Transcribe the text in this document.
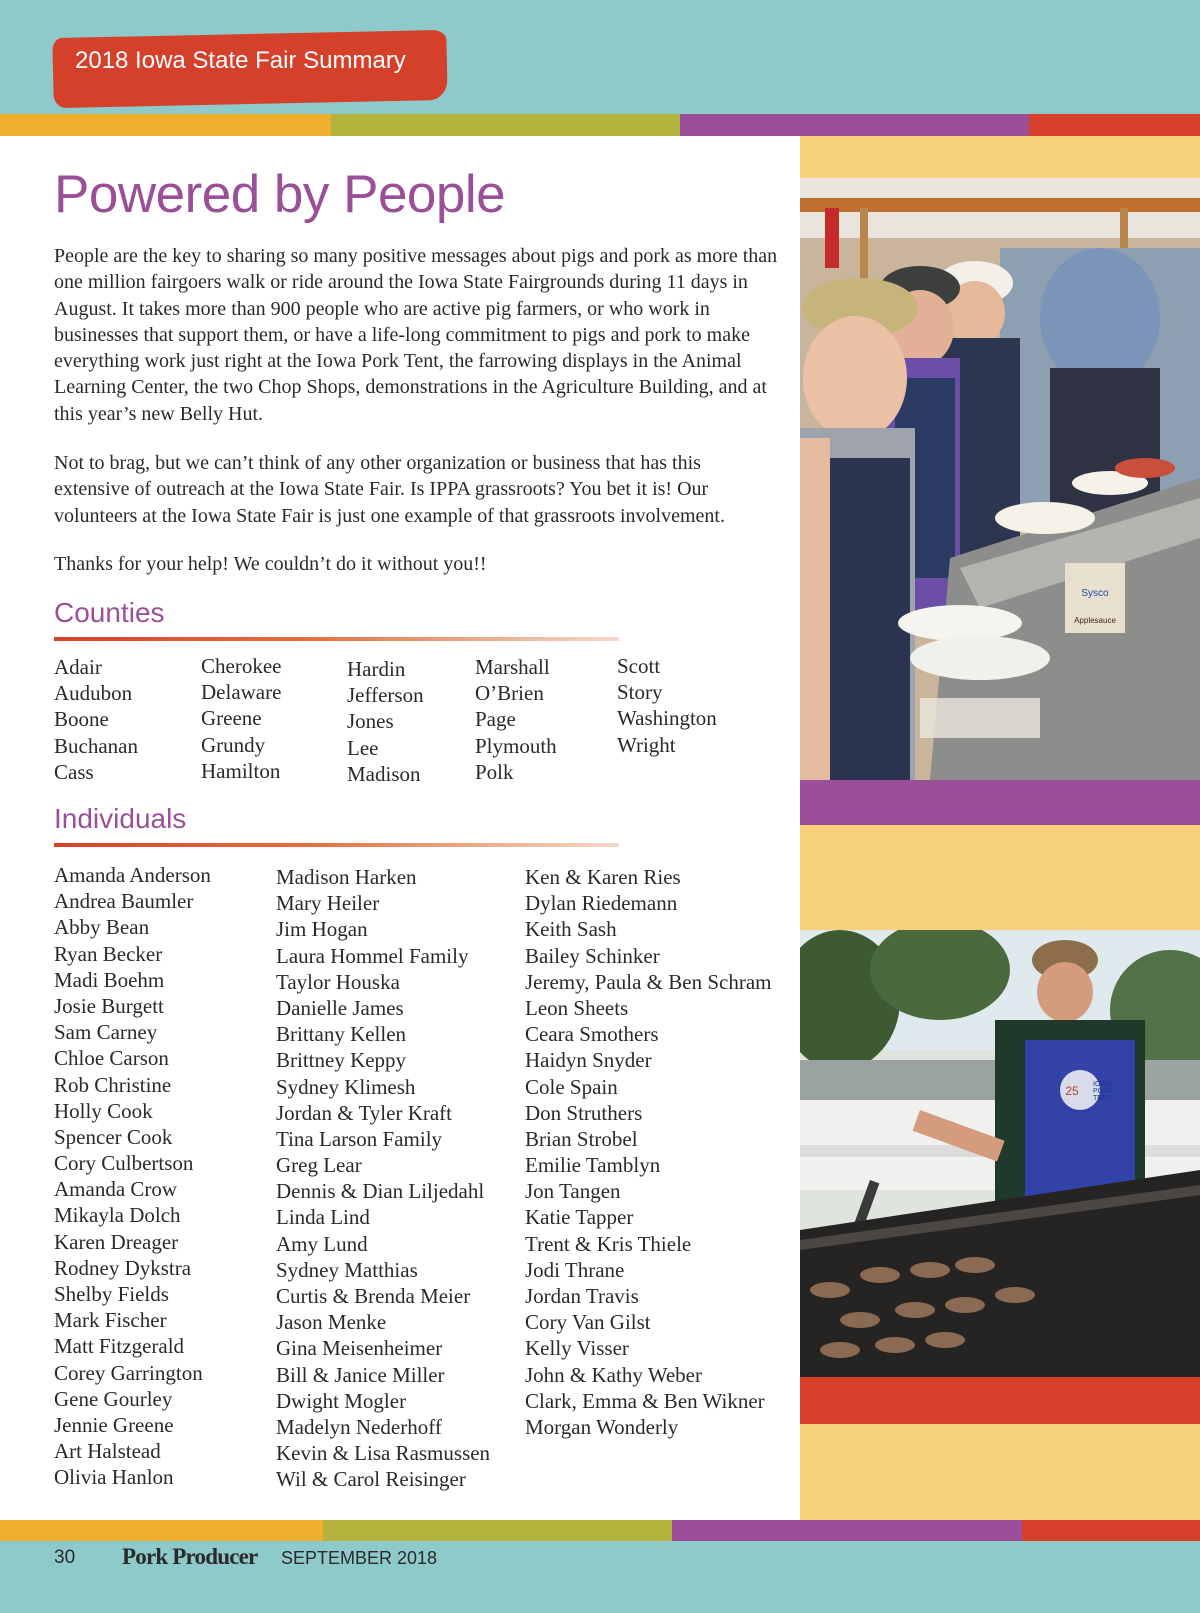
2018 Iowa State Fair Summary
Sysco
Applesauce
25 IOWA
PORK
TENT
Powered by People
People are the key to sharing so many positive messages about pigs and pork as more than one million fairgoers walk or ride around the Iowa State Fairgrounds during 11 days in August. It takes more than 900 people who are active pig farmers, or who work in businesses that support them, or have a life-long commitment to pigs and pork to make everything work just right at the Iowa Pork Tent, the farrowing displays in the Animal Learning Center, the two Chop Shops, demonstrations in the Agriculture Building, and at this year’s new Belly Hut.
Not to brag, but we can’t think of any other organization or business that has this extensive of outreach at the Iowa State Fair. Is IPPA grassroots? You bet it is! Our volunteers at the Iowa State Fair is just one example of that grassroots involvement.
Thanks for your help! We couldn’t do it without you!!
Counties
Adair
Audubon
Boone
Buchanan
Cass
Cherokee
Delaware
Greene
Grundy
Hamilton
Hardin
Jefferson
Jones
Lee
Madison
Marshall
O’Brien
Page
Plymouth
Polk
Scott
Story
Washington
Wright
Individuals
Amanda Anderson
Andrea Baumler
Abby Bean
Ryan Becker
Madi Boehm
Josie Burgett
Sam Carney
Chloe Carson
Rob Christine
Holly Cook
Spencer Cook
Cory Culbertson
Amanda Crow
Mikayla Dolch
Karen Dreager
Rodney Dykstra
Shelby Fields
Mark Fischer
Matt Fitzgerald
Corey Garrington
Gene Gourley
Jennie Greene
Art Halstead
Olivia Hanlon
Madison Harken
Mary Heiler
Jim Hogan
Laura Hommel Family
Taylor Houska
Danielle James
Brittany Kellen
Brittney Keppy
Sydney Klimesh
Jordan & Tyler Kraft
Tina Larson Family
Greg Lear
Dennis & Dian Liljedahl
Linda Lind
Amy Lund
Sydney Matthias
Curtis & Brenda Meier
Jason Menke
Gina Meisenheimer
Bill & Janice Miller
Dwight Mogler
Madelyn Nederhoff
Kevin & Lisa Rasmussen
Wil & Carol Reisinger
Ken & Karen Ries
Dylan Riedemann
Keith Sash
Bailey Schinker
Jeremy, Paula & Ben Schram
Leon Sheets
Ceara Smothers
Haidyn Snyder
Cole Spain
Don Struthers
Brian Strobel
Emilie Tamblyn
Jon Tangen
Katie Tapper
Trent & Kris Thiele
Jodi Thrane
Jordan Travis
Cory Van Gilst
Kelly Visser
John & Kathy Weber
Clark, Emma & Ben Wikner
Morgan Wonderly
30 Pork Producer SEPTEMBER 2018
